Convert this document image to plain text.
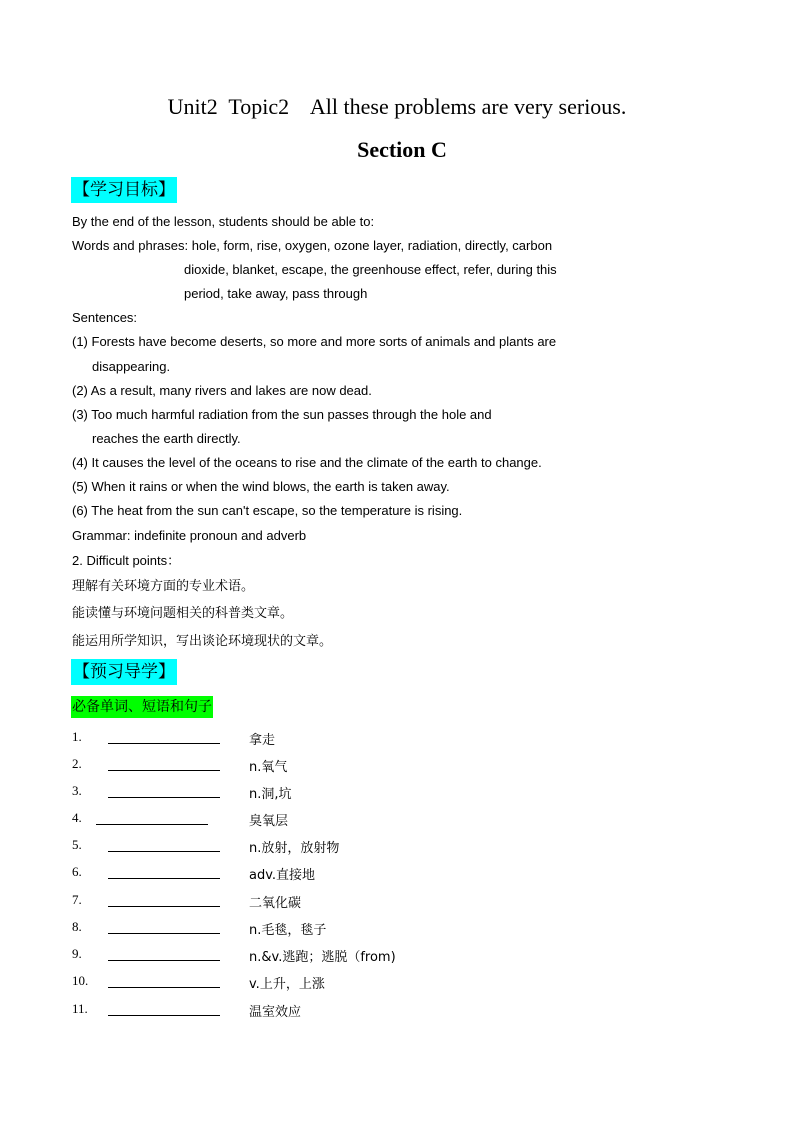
Unit2  Topic2    All these problems are very serious.
Section C
【学习目标】
By the end of the lesson, students should be able to:
Words and phrases: hole, form, rise, oxygen, ozone layer, radiation, directly, carbon
dioxide, blanket, escape, the greenhouse effect, refer, during this
period, take away, pass through
Sentences:
(1) Forests have become deserts, so more and more sorts of animals and plants are
disappearing.
(2) As a result, many rivers and lakes are now dead.
(3) Too much harmful radiation from the sun passes through the hole and
reaches the earth directly.
(4) It causes the level of the oceans to rise and the climate of the earth to change.
(5) When it rains or when the wind blows, the earth is taken away.
(6) The heat from the sun can't escape, so the temperature is rising.
Grammar: indefinite pronoun and adverb
2. Difficult points：
理解有关环境方面的专业术语。
能读懂与环境问题相关的科普类文章。
能运用所学知识，写出谈论环境现状的文章。
【预习导学】
必备单词、短语和句子
1.	拿走
2.	n.氧气
3.	n.洞,坑
4.	臭氧层
5.	n.放射，放射物
6.	adv.直接地
7.	二氧化碳
8.	n.毛毯，毯子
9.	n.&v.逃跑；逃脱（from)
10.	v.上升，上涨
11.	温室效应
